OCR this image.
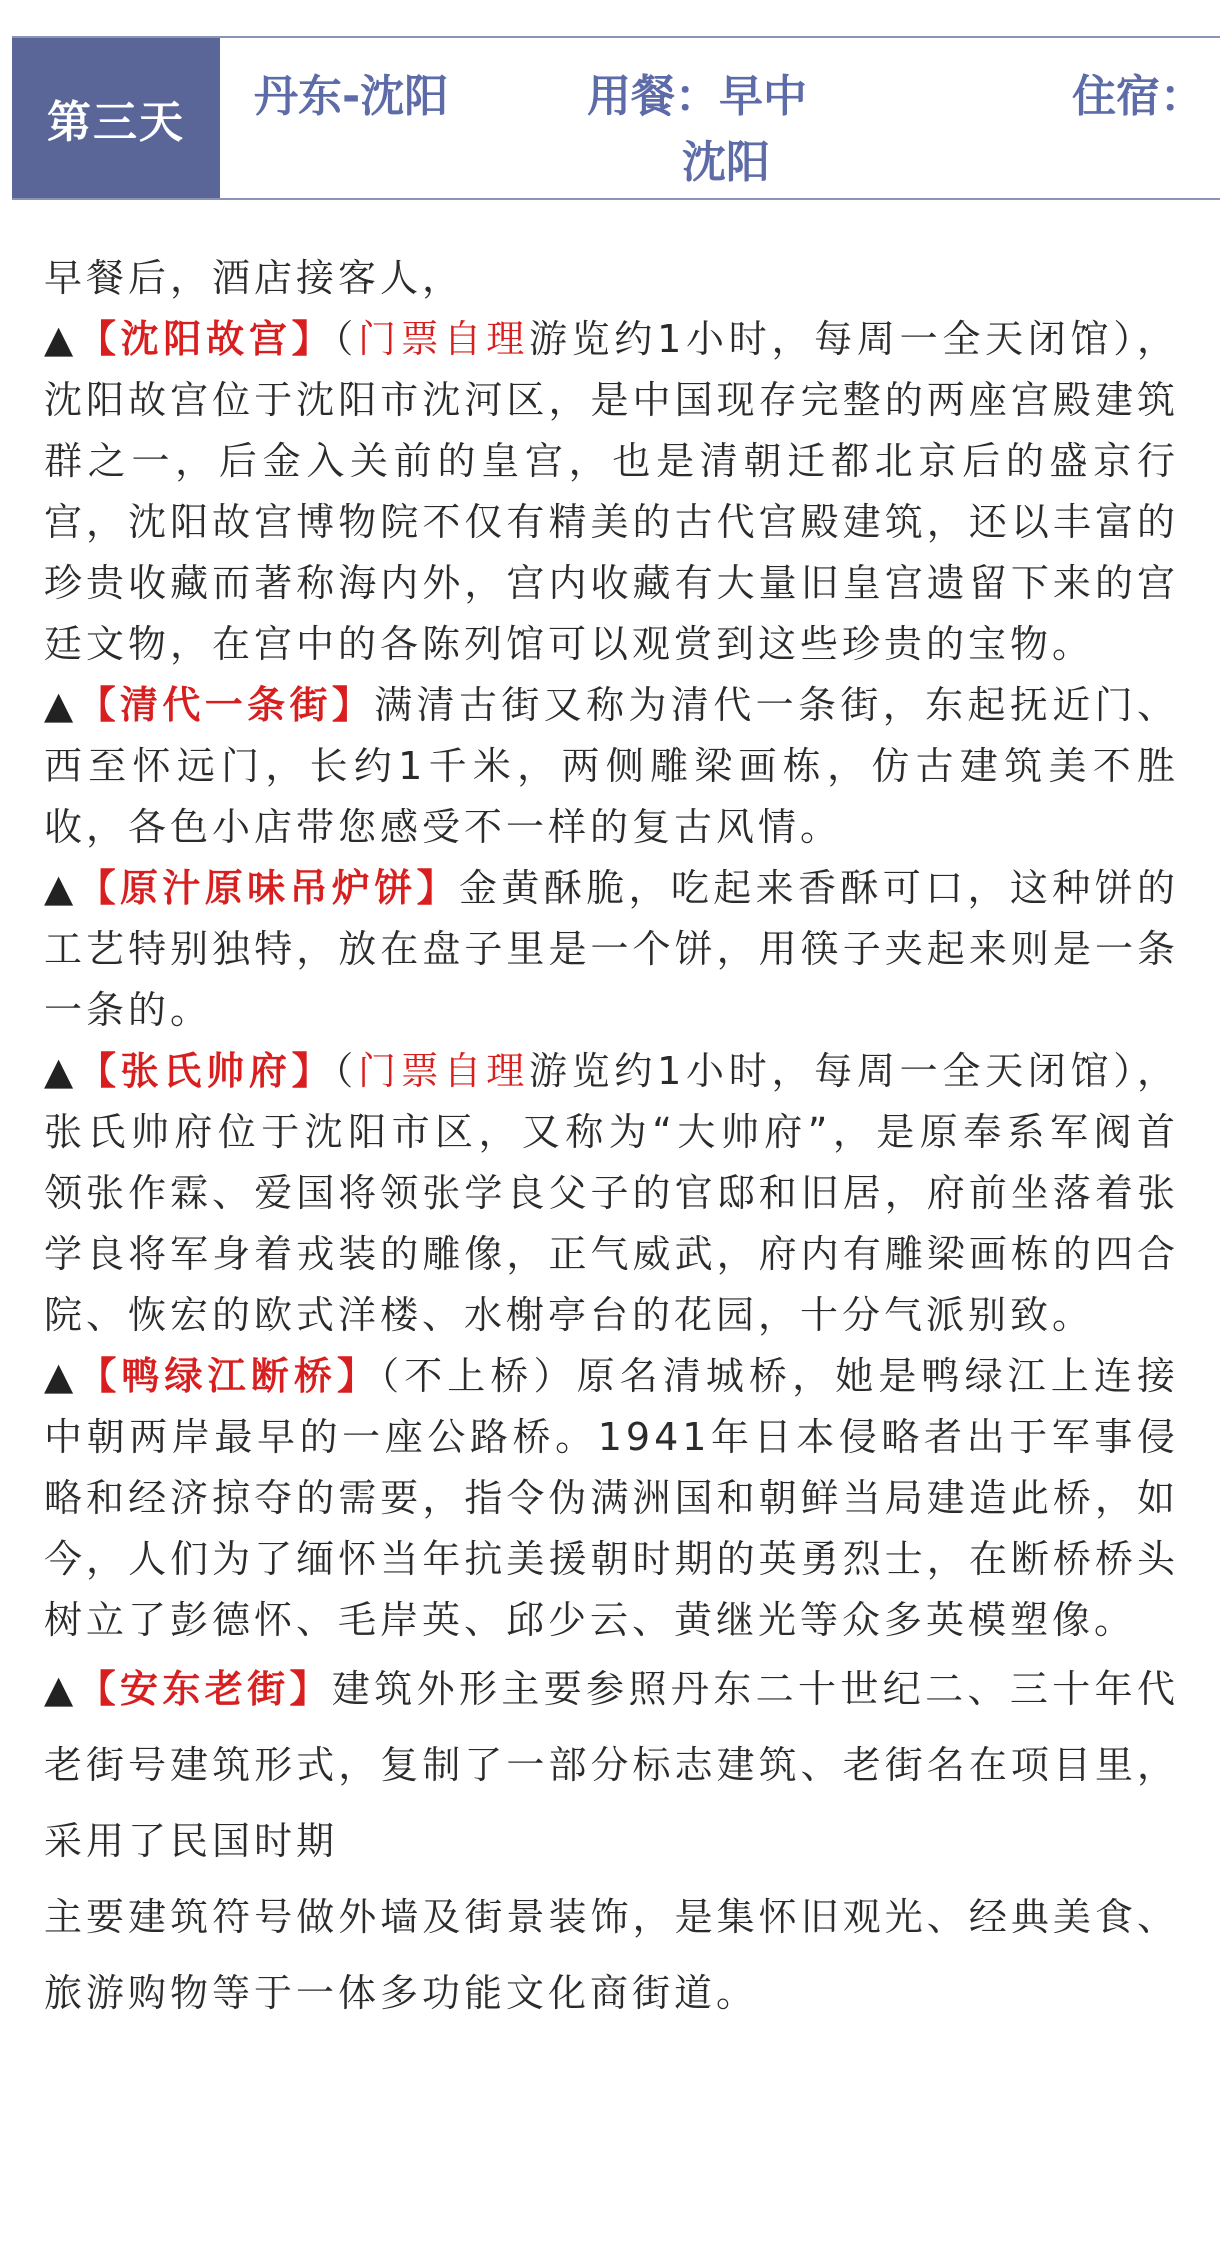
第三天
丹东-沈阳	用餐：早中	住宿：
沈阳

早餐后，酒店接客人，

▲【沈阳故宫】（门票自理游览约1小时，每周一全天闭馆），沈阳故宫位于沈阳市沈河区，是中国现存完整的两座宫殿建筑群之一，后金入关前的皇宫，也是清朝迁都北京后的盛京行宫，沈阳故宫博物院不仅有精美的古代宫殿建筑，还以丰富的珍贵收藏而著称海内外，宫内收藏有大量旧皇宫遗留下来的宫廷文物，在宫中的各陈列馆可以观赏到这些珍贵的宝物。

▲【清代一条街】满清古街又称为清代一条街，东起抚近门、西至怀远门，长约1千米，两侧雕梁画栋，仿古建筑美不胜收，各色小店带您感受不一样的复古风情。

▲【原汁原味吊炉饼】金黄酥脆，吃起来香酥可口，这种饼的工艺特别独特，放在盘子里是一个饼，用筷子夹起来则是一条一条的。

▲【张氏帅府】（门票自理游览约1小时，每周一全天闭馆），张氏帅府位于沈阳市区，又称为“大帅府”，是原奉系军阀首领张作霖、爱国将领张学良父子的官邸和旧居，府前坐落着张学良将军身着戎装的雕像，正气威武，府内有雕梁画栋的四合院、恢宏的欧式洋楼、水榭亭台的花园，十分气派别致。

▲【鸭绿江断桥】（不上桥）原名清城桥，她是鸭绿江上连接中朝两岸最早的一座公路桥。1941年日本侵略者出于军事侵略和经济掠夺的需要，指令伪满洲国和朝鲜当局建造此桥，如今，人们为了缅怀当年抗美援朝时期的英勇烈士，在断桥桥头树立了彭德怀、毛岸英、邱少云、黄继光等众多英模塑像。

▲【安东老街】建筑外形主要参照丹东二十世纪二、三十年代老街号建筑形式，复制了一部分标志建筑、老街名在项目里，采用了民国时期

主要建筑符号做外墙及街景装饰，是集怀旧观光、经典美食、旅游购物等于一体多功能文化商街道。
